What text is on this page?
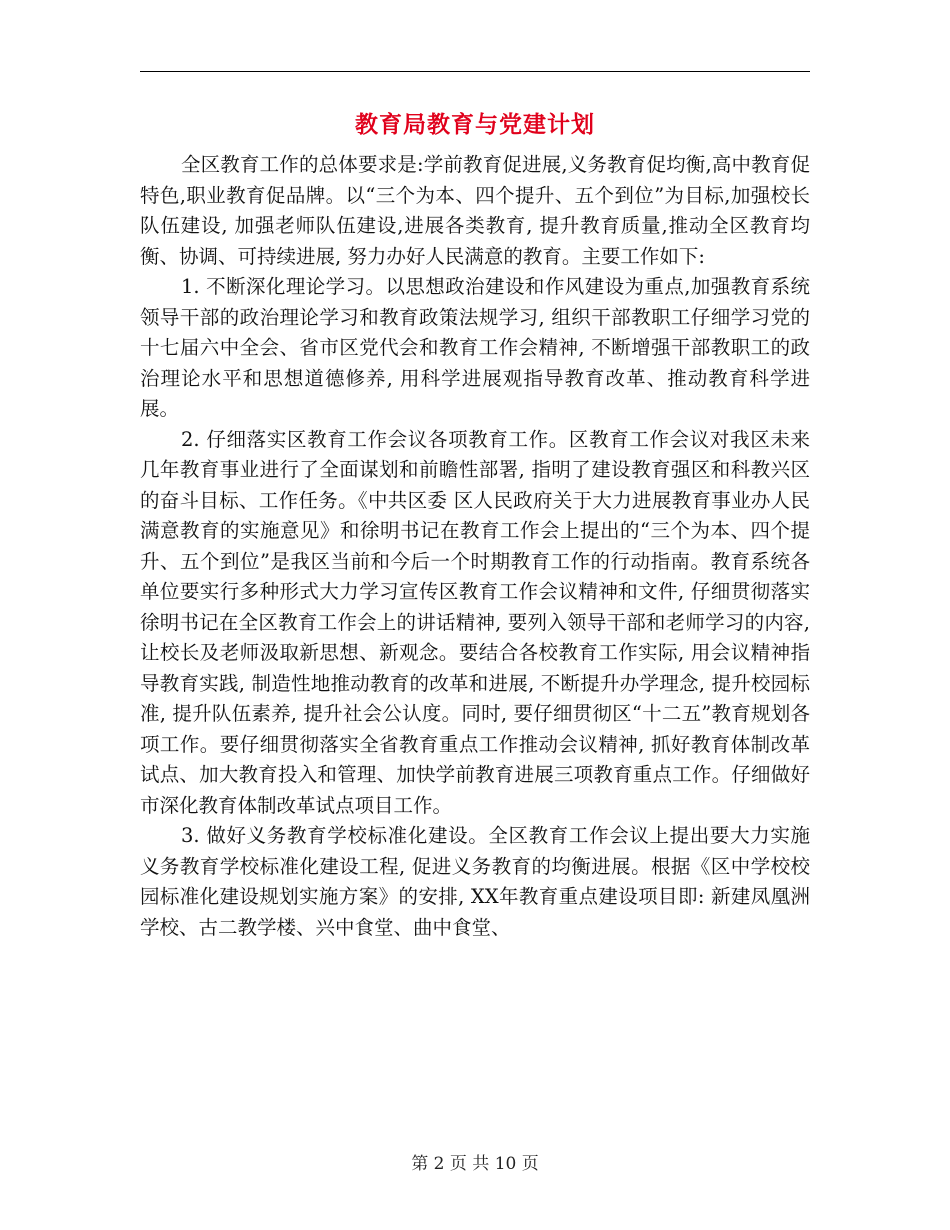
教育局教育与党建计划

全区教育工作的总体要求是:学前教育促进展,义务教育促均衡,高中教育促特色,职业教育促品牌。以“三个为本、四个提升、五个到位”为目标,加强校长队伍建设, 加强老师队伍建设,进展各类教育, 提升教育质量,推动全区教育均衡、协调、可持续进展, 努力办好人民满意的教育。主要工作如下:

1. 不断深化理论学习。以思想政治建设和作风建设为重点,加强教育系统领导干部的政治理论学习和教育政策法规学习, 组织干部教职工仔细学习党的十七届六中全会、省市区党代会和教育工作会精神, 不断增强干部教职工的政治理论水平和思想道德修养, 用科学进展观指导教育改革、推动教育科学进展。

2. 仔细落实区教育工作会议各项教育工作。区教育工作会议对我区未来几年教育事业进行了全面谋划和前瞻性部署, 指明了建设教育强区和科教兴区的奋斗目标、工作任务。《中共区委 区人民政府关于大力进展教育事业办人民满意教育的实施意见》和徐明书记在教育工作会上提出的“三个为本、四个提升、五个到位”是我区当前和今后一个时期教育工作的行动指南。教育系统各单位要实行多种形式大力学习宣传区教育工作会议精神和文件, 仔细贯彻落实徐明书记在全区教育工作会上的讲话精神, 要列入领导干部和老师学习的内容, 让校长及老师汲取新思想、新观念。要结合各校教育工作实际, 用会议精神指导教育实践, 制造性地推动教育的改革和进展, 不断提升办学理念, 提升校园标准, 提升队伍素养, 提升社会公认度。同时, 要仔细贯彻区“十二五”教育规划各项工作。要仔细贯彻落实全省教育重点工作推动会议精神, 抓好教育体制改革试点、加大教育投入和管理、加快学前教育进展三项教育重点工作。仔细做好市深化教育体制改革试点项目工作。

3. 做好义务教育学校标准化建设。全区教育工作会议上提出要大力实施义务教育学校标准化建设工程, 促进义务教育的均衡进展。根据《区中学校校园标准化建设规划实施方案》的安排, XX年教育重点建设项目即: 新建凤凰洲学校、古二教学楼、兴中食堂、曲中食堂、

第 2 页 共 10 页
